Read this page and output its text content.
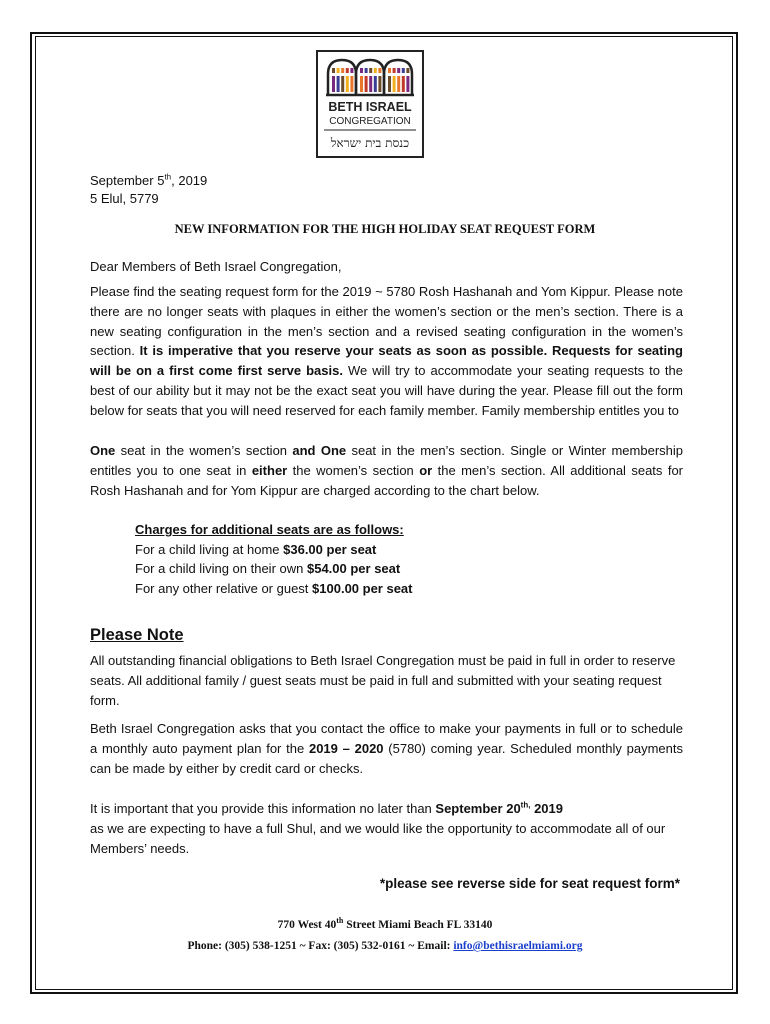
BETH ISRAEL
CONGREGATION
כנסת בית ישראל
September 5th, 2019
5 Elul, 5779
NEW INFORMATION FOR THE HIGH HOLIDAY SEAT REQUEST FORM
Dear Members of Beth Israel Congregation,
Please find the seating request form for the 2019 ~ 5780 Rosh Hashanah and Yom Kippur. Please note there are no longer seats with plaques in either the women’s section or the men’s section. There is a new seating configuration in the men’s section and a revised seating configuration in the women’s section. It is imperative that you reserve your seats as soon as possible. Requests for seating will be on a first come first serve basis. We will try to accommodate your seating requests to the best of our ability but it may not be the exact seat you will have during the year. Please fill out the form below for seats that you will need reserved for each family member. Family membership entitles you to
One seat in the women’s section and One seat in the men’s section. Single or Winter membership entitles you to one seat in either the women’s section or the men’s section. All additional seats for Rosh Hashanah and for Yom Kippur are charged according to the chart below.
Charges for additional seats are as follows:
For a child living at home $36.00 per seat
For a child living on their own $54.00 per seat
For any other relative or guest $100.00 per seat
Please Note
All outstanding financial obligations to Beth Israel Congregation must be paid in full in order to reserve seats. All additional family / guest seats must be paid in full and submitted with your seating request form.
Beth Israel Congregation asks that you contact the office to make your payments in full or to schedule a monthly auto payment plan for the 2019 – 2020 (5780) coming year. Scheduled monthly payments can be made by either by credit card or checks.
It is important that you provide this information no later than September $20^{th,}$ 2019
as we are expecting to have a full Shul, and we would like the opportunity to accommodate all of our Members’ needs.
*please see reverse side for seat request form*
770 West 40th Street Miami Beach FL 33140
Phone: (305) 538-1251 ~ Fax: (305) 532-0161 ~ Email: info@bethisraelmiami.org
